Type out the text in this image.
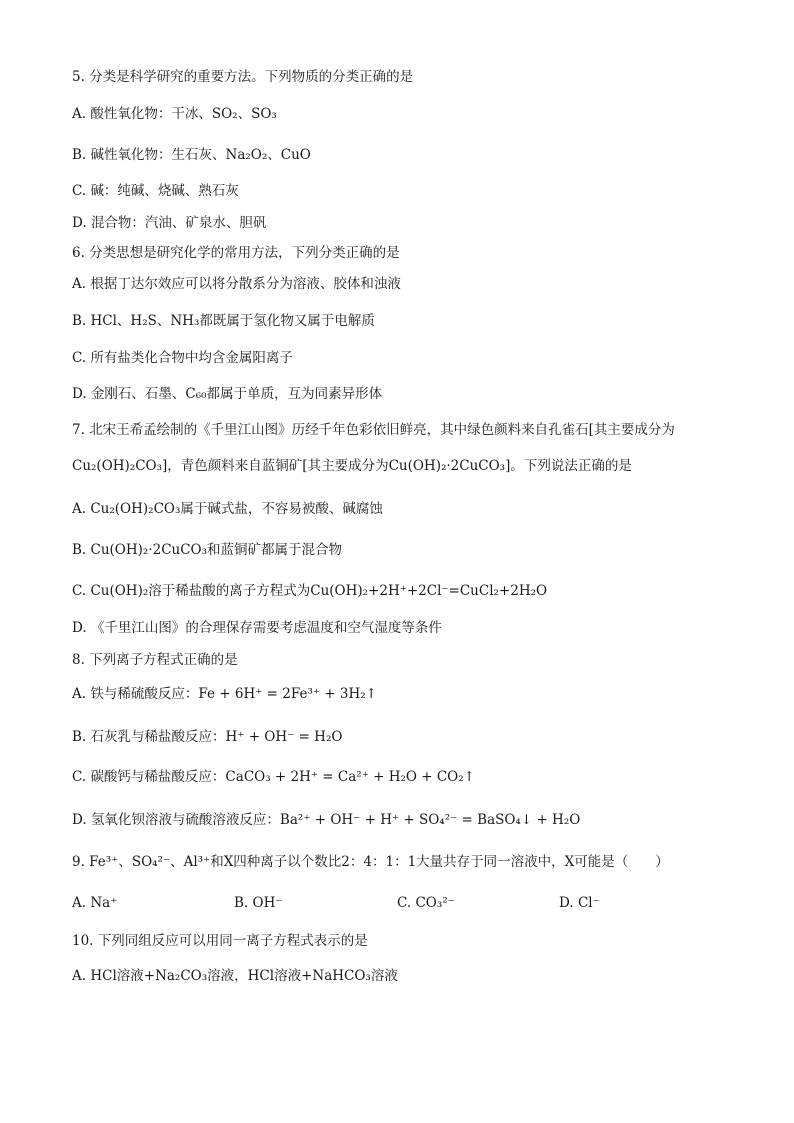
5. 分类是科学研究的重要方法。下列物质的分类正确的是
A. 酸性氧化物：干冰、SO₂、SO₃
B. 碱性氧化物：生石灰、Na₂O₂、CuO
C. 碱：纯碱、烧碱、熟石灰
D. 混合物：汽油、矿泉水、胆矾
6. 分类思想是研究化学的常用方法，下列分类正确的是
A. 根据丁达尔效应可以将分散系分为溶液、胶体和浊液
B. HCl、H₂S、NH₃都既属于氢化物又属于电解质
C. 所有盐类化合物中均含金属阳离子
D. 金刚石、石墨、C₆₀都属于单质，互为同素异形体
7. 北宋王希孟绘制的《千里江山图》历经千年色彩依旧鲜亮，其中绿色颜料来自孔雀石[其主要成分为
Cu₂(OH)₂CO₃]，青色颜料来自蓝铜矿[其主要成分为Cu(OH)₂·2CuCO₃]。下列说法正确的是
A. Cu₂(OH)₂CO₃属于碱式盐，不容易被酸、碱腐蚀
B. Cu(OH)₂·2CuCO₃和蓝铜矿都属于混合物
C. Cu(OH)₂溶于稀盐酸的离子方程式为Cu(OH)₂+2H⁺+2Cl⁻=CuCl₂+2H₂O
D. 《千里江山图》的合理保存需要考虑温度和空气湿度等条件
8. 下列离子方程式正确的是
A. 铁与稀硫酸反应：Fe + 6H⁺ = 2Fe³⁺ + 3H₂↑
B. 石灰乳与稀盐酸反应：H⁺ + OH⁻ = H₂O
C. 碳酸钙与稀盐酸反应：CaCO₃ + 2H⁺ = Ca²⁺ + H₂O + CO₂↑
D. 氢氧化钡溶液与硫酸溶液反应：Ba²⁺ + OH⁻ + H⁺ + SO₄²⁻ = BaSO₄↓ + H₂O
9. Fe³⁺、SO₄²⁻、Al³⁺和X四种离子以个数比2：4：1：1大量共存于同一溶液中，X可能是（　　）
A. Na⁺	B. OH⁻	C. CO₃²⁻	D. Cl⁻
10. 下列同组反应可以用同一离子方程式表示的是
A. HCl溶液+Na₂CO₃溶液，HCl溶液+NaHCO₃溶液
